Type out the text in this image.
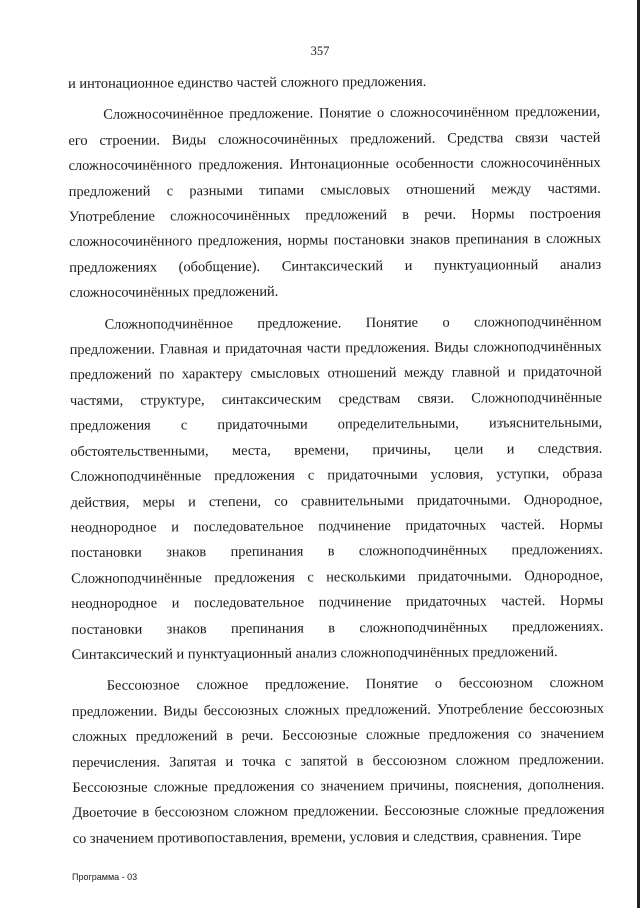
357

и интонационное единство частей сложного предложения.

Сложносочинённое предложение. Понятие о сложносочинённом предложении, его строении. Виды сложносочинённых предложений. Средства связи частей сложносочинённого предложения. Интонационные особенности сложносочинённых предложений с разными типами смысловых отношений между частями. Употребление сложносочинённых предложений в речи. Нормы построения сложносочинённого предложения, нормы постановки знаков препинания в сложных предложениях (обобщение). Синтаксический и пунктуационный анализ сложносочинённых предложений.

Сложноподчинённое предложение. Понятие о сложноподчинённом предложении. Главная и придаточная части предложения. Виды сложноподчинённых предложений по характеру смысловых отношений между главной и придаточной частями, структуре, синтаксическим средствам связи. Сложноподчинённые предложения с придаточными определительными, изъяснительными, обстоятельственными, места, времени, причины, цели и следствия. Сложноподчинённые предложения с придаточными условия, уступки, образа действия, меры и степени, со сравнительными придаточными. Однородное, неоднородное и последовательное подчинение придаточных частей. Нормы постановки знаков препинания в сложноподчинённых предложениях. Сложноподчинённые предложения с несколькими придаточными. Однородное, неоднородное и последовательное подчинение придаточных частей. Нормы постановки знаков препинания в сложноподчинённых предложениях. Синтаксический и пунктуационный анализ сложноподчинённых предложений.

Бессоюзное сложное предложение. Понятие о бессоюзном сложном предложении. Виды бессоюзных сложных предложений. Употребление бессоюзных сложных предложений в речи. Бессоюзные сложные предложения со значением перечисления. Запятая и точка с запятой в бессоюзном сложном предложении. Бессоюзные сложные предложения со значением причины, пояснения, дополнения. Двоеточие в бессоюзном сложном предложении. Бессоюзные сложные предложения со значением противопоставления, времени, условия и следствия, сравнения. Тире

Программа - 03
